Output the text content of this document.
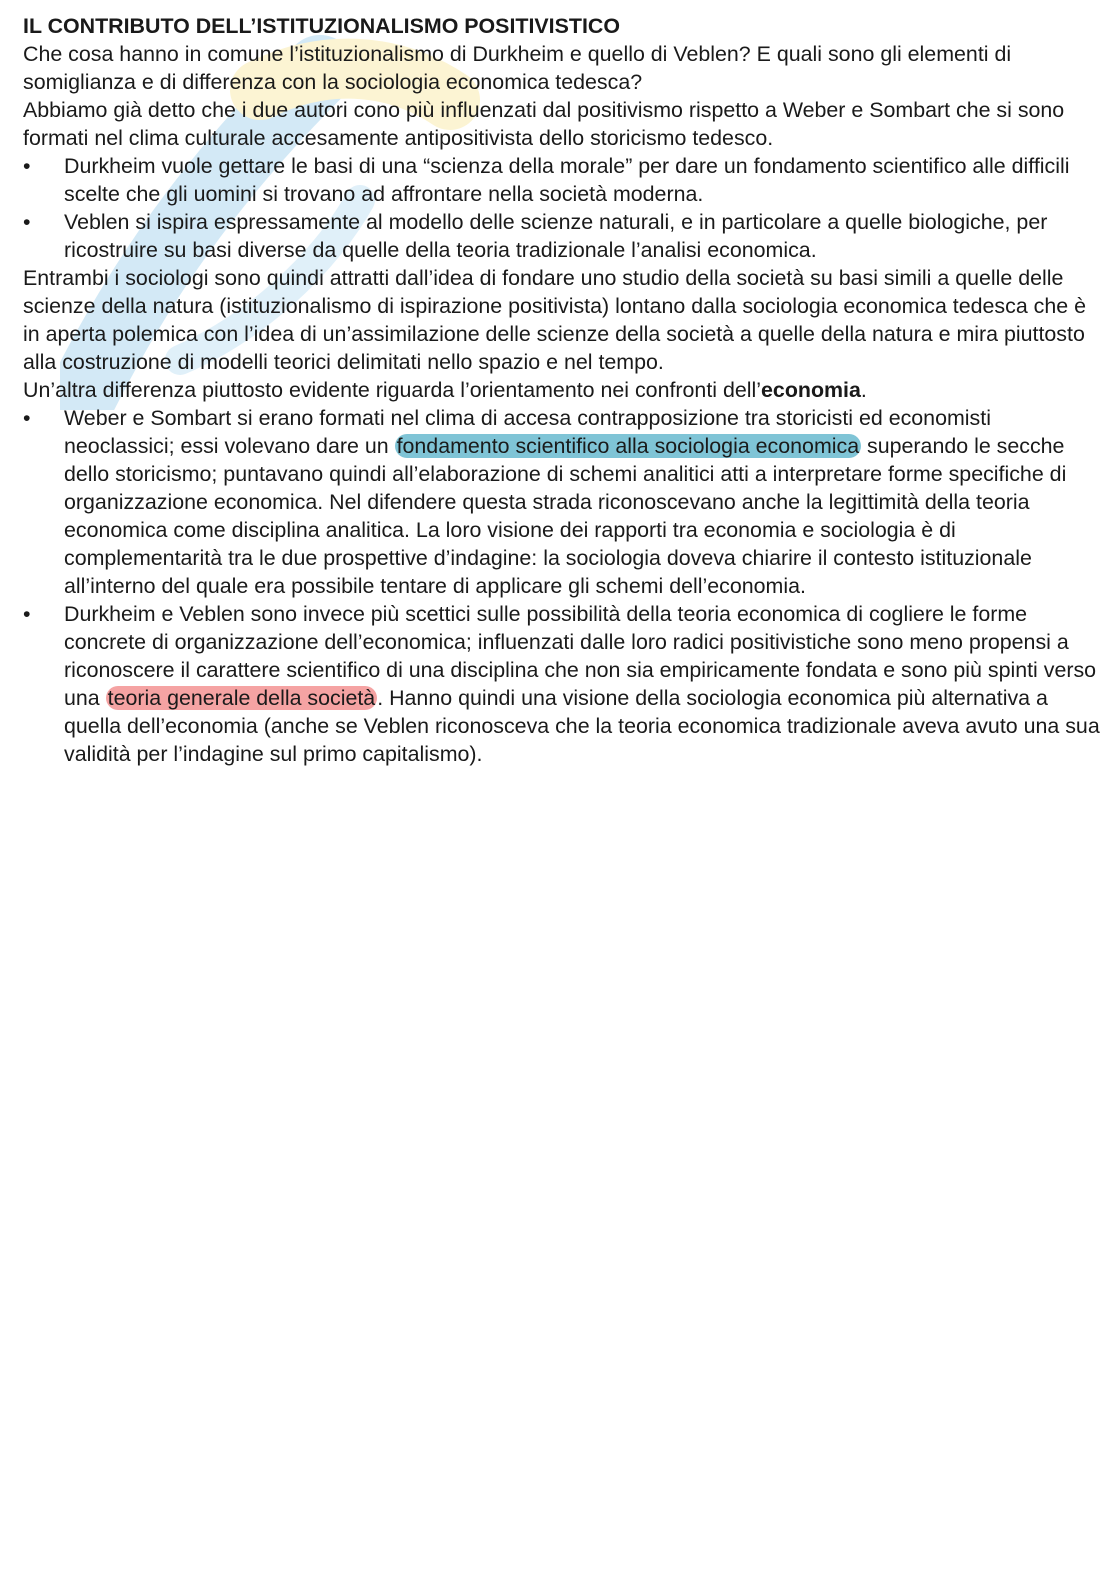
IL CONTRIBUTO DELL’ISTITUZIONALISMO POSITIVISTICO

Che cosa hanno in comune l’istituzionalismo di Durkheim e quello di Veblen? E quali sono gli elementi di somiglianza e di differenza con la sociologia economica tedesca?

Abbiamo già detto che i due autori cono più influenzati dal positivismo rispetto a Weber e Sombart che si sono formati nel clima culturale accesamente antipositivista dello storicismo tedesco.

•	Durkheim vuole gettare le basi di una “scienza della morale” per dare un fondamento scientifico alle difficili scelte che gli uomini si trovano ad affrontare nella società moderna.
•	Veblen si ispira espressamente al modello delle scienze naturali, e in particolare a quelle biologiche, per ricostruire su basi diverse da quelle della teoria tradizionale l’analisi economica.

Entrambi i sociologi sono quindi attratti dall’idea di fondare uno studio della società su basi simili a quelle delle scienze della natura (istituzionalismo di ispirazione positivista) lontano dalla sociologia economica tedesca che è in aperta polemica con l’idea di un’assimilazione delle scienze della società a quelle della natura e mira piuttosto alla costruzione di modelli teorici delimitati nello spazio e nel tempo.

Un’altra differenza piuttosto evidente riguarda l’orientamento nei confronti dell’economia.

•	Weber e Sombart si erano formati nel clima di accesa contrapposizione tra storicisti ed economisti neoclassici; essi volevano dare un fondamento scientifico alla sociologia economica superando le secche dello storicismo; puntavano quindi all’elaborazione di schemi analitici atti a interpretare forme specifiche di organizzazione economica. Nel difendere questa strada riconoscevano anche la legittimità della teoria economica come disciplina analitica. La loro visione dei rapporti tra economia e sociologia è di complementarità tra le due prospettive d’indagine: la sociologia doveva chiarire il contesto istituzionale all’interno del quale era possibile tentare di applicare gli schemi dell’economia.
•	Durkheim e Veblen sono invece più scettici sulle possibilità della teoria economica di cogliere le forme concrete di organizzazione dell’economica; influenzati dalle loro radici positivistiche sono meno propensi a riconoscere il carattere scientifico di una disciplina che non sia empiricamente fondata e sono più spinti verso una teoria generale della società. Hanno quindi una visione della sociologia economica più alternativa a quella dell’economia (anche se Veblen riconosceva che la teoria economica tradizionale aveva avuto una sua validità per l’indagine sul primo capitalismo).
